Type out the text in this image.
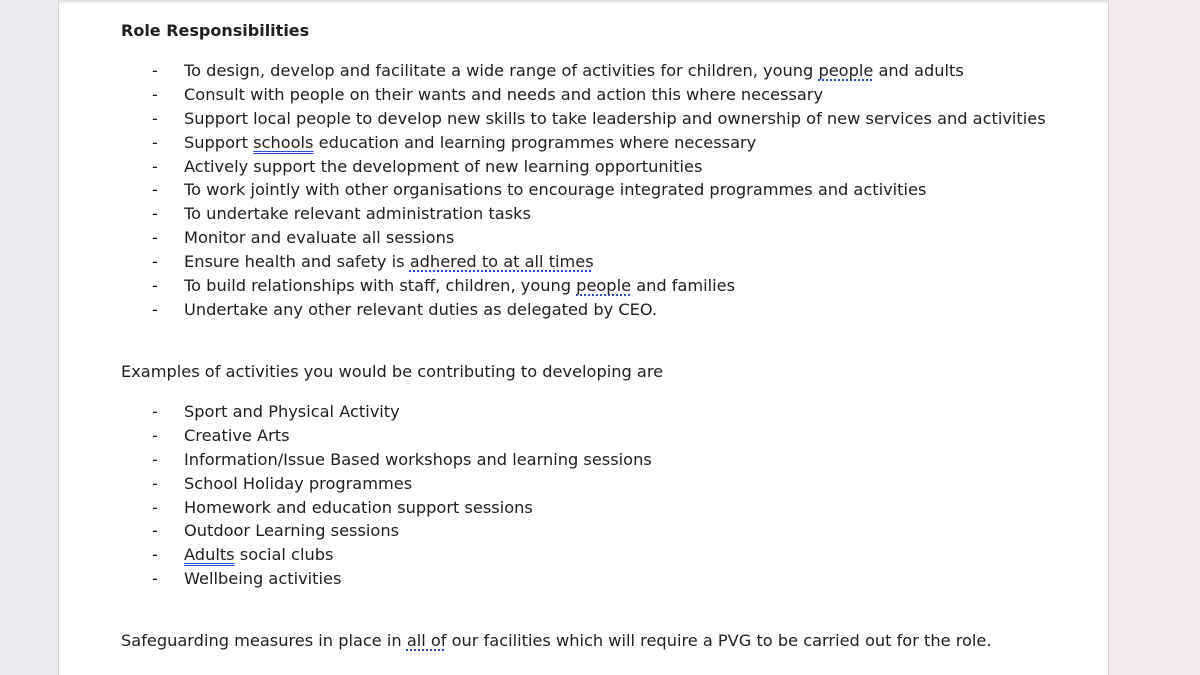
Role Responsibilities
- To design, develop and facilitate a wide range of activities for children, young people and adults
- Consult with people on their wants and needs and action this where necessary
- Support local people to develop new skills to take leadership and ownership of new services and activities
- Support schools education and learning programmes where necessary
- Actively support the development of new learning opportunities
- To work jointly with other organisations to encourage integrated programmes and activities
- To undertake relevant administration tasks
- Monitor and evaluate all sessions
- Ensure health and safety is adhered to at all times
- To build relationships with staff, children, young people and families
- Undertake any other relevant duties as delegated by CEO.
Examples of activities you would be contributing to developing are
- Sport and Physical Activity
- Creative Arts
- Information/Issue Based workshops and learning sessions
- School Holiday programmes
- Homework and education support sessions
- Outdoor Learning sessions
- Adults social clubs
- Wellbeing activities
Safeguarding measures in place in all of our facilities which will require a PVG to be carried out for the role.
